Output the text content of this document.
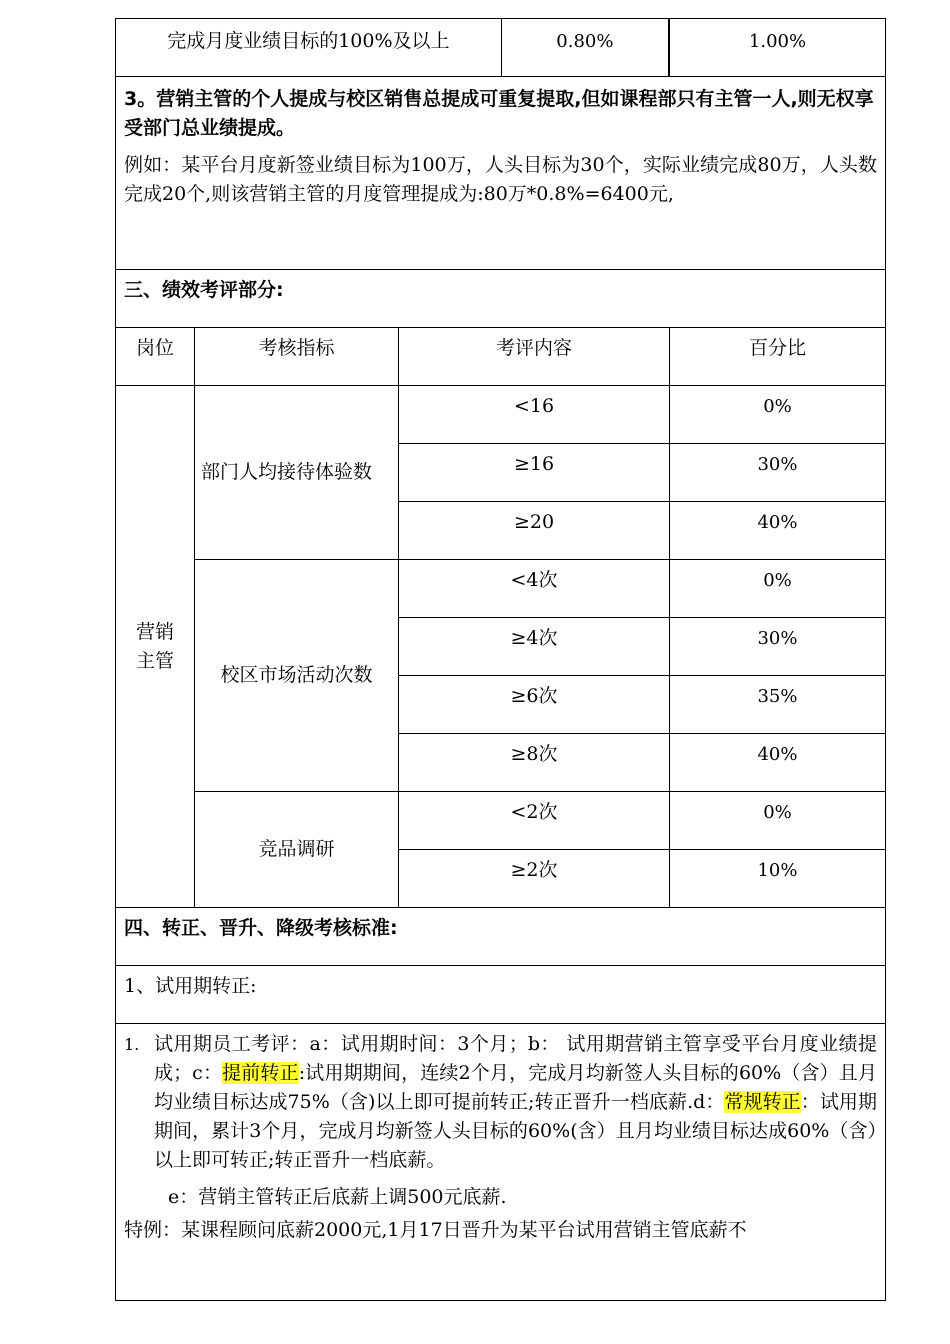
完成月度业绩目标的100%及以上 0.80%			1.00%

3。营销主管的个人提成与校区销售总提成可重复提取,但如课程部只有主管一人,则无权享受部门总业绩提成。
例如：某平台月度新签业绩目标为100万，人头目标为30个，实际业绩完成80万，人头数完成20个,则该营销主管的月度管理提成为:80万*0.8%=6400元,			

三、绩效考评部分:			
岗位	考核指标	考评内容	百分比

营销主管	部门人均接待体验数	<16	0%
		≥16	30%
		≥20	40%
	校区市场活动次数	<4次	0%
		≥4次	30%
		≥6次	35%
		≥8次	40%
	竞品调研	<2次	0%
		≥2次	10%
四、转正、晋升、降级考核标准:			
1、试用期转正:			

1. 试用期员工考评：a：试用期时间：3个月；b： 试用期营销主管享受平台月度业绩提成；c：提前转正:试用期期间，连续2个月，完成月均新签人头目标的60%（含）且月均业绩目标达成75%（含)以上即可提前转正;转正晋升一档底薪.d：常规转正：试用期期间，累计3个月，完成月均新签人头目标的60%(含）且月均业绩目标达成60%（含）以上即可转正;转正晋升一档底薪。
e：营销主管转正后底薪上调500元底薪.
特例：某课程顾问底薪2000元,1月17日晋升为某平台试用营销主管底薪不			
